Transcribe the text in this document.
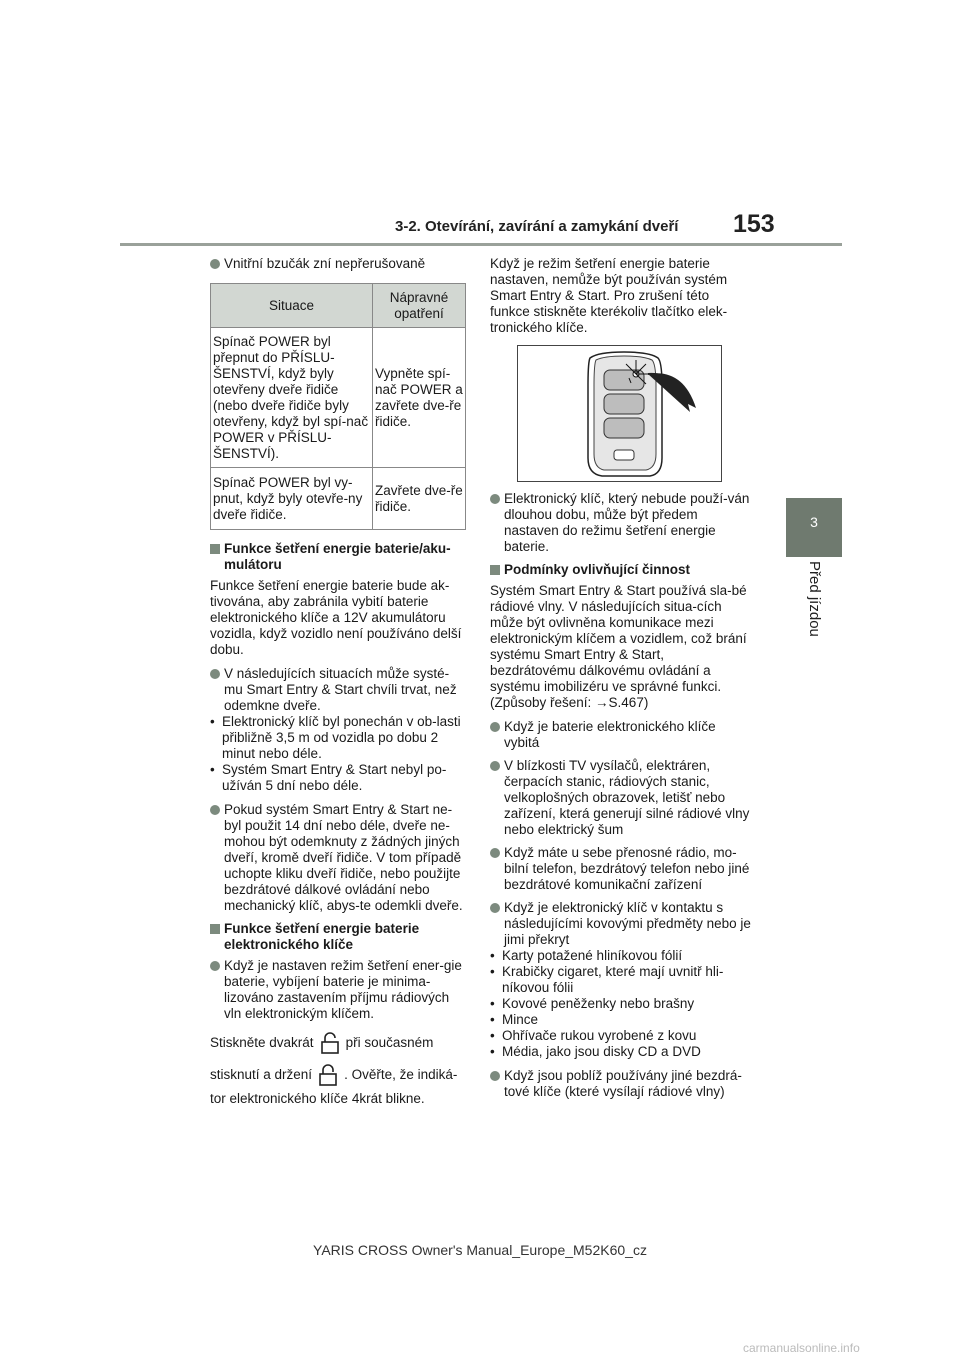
3-2. Otevírání, zavírání a zamykání dveří 153
3
Před jízdou
Vnitřní bzučák zní nepřerušovaně
Situace	Nápravné opatření
Spínač POWER byl přepnut do PŘÍSLU-ŠENSTVÍ, když byly otevřeny dveře řidiče (nebo dveře řidiče byly otevřeny, když byl spí-nač POWER v PŘÍSLU-ŠENSTVÍ).	Vypněte spí-nač POWER a zavřete dve-ře řidiče.
Spínač POWER byl vy-pnut, když byly otevře-ny dveře řidiče.	Zavřete dve-ře řidiče.
Funkce šetření energie baterie/aku-mulátoru
Funkce šetření energie baterie bude ak-tivována, aby zabránila vybití baterie elektronického klíče a 12V akumulátoru vozidla, když vozidlo není používáno delší dobu.
V následujících situacích může systé-mu Smart Entry & Start chvíli trvat, než odemkne dveře.
• Elektronický klíč byl ponechán v ob-lasti přibližně 3,5 m od vozidla po dobu 2 minut nebo déle.
• Systém Smart Entry & Start nebyl po-užíván 5 dní nebo déle.
Pokud systém Smart Entry & Start ne-byl použit 14 dní nebo déle, dveře ne-mohou být odemknuty z žádných jiných dveří, kromě dveří řidiče. V tom případě uchopte kliku dveří řidiče, nebo použijte bezdrátové dálkové ovládání nebo mechanický klíč, abys-te odemkli dveře.
Funkce šetření energie baterie elektronického klíče
Když je nastaven režim šetření ener-gie baterie, vybíjení baterie je minima-lizováno zastavením příjmu rádiových vln elektronickým klíčem.
Stiskněte dvakrát při současném
stisknutí a držení . Ověřte, že indiká-
tor elektronického klíče 4krát blikne.
Když je režim šetření energie baterie nastaven, nemůže být používán systém Smart Entry & Start. Pro zrušení této funkce stiskněte kterékoliv tlačítko elek-tronického klíče.
Elektronický klíč, který nebude použí-ván dlouhou dobu, může být předem nastaven do režimu šetření energie baterie.
Podmínky ovlivňující činnost
Systém Smart Entry & Start používá sla-bé rádiové vlny. V následujících situa-cích může být ovlivněna komunikace mezi elektronickým klíčem a vozidlem, což brání systému Smart Entry & Start, bezdrátovému dálkovému ovládání a systému imobilizéru ve správné funkci. (Způsoby řešení: →S.467)
Když je baterie elektronického klíče vybitá
V blízkosti TV vysílačů, elektráren, čerpacích stanic, rádiových stanic, velkoplošných obrazovek, letišť nebo zařízení, která generují silné rádiové vlny nebo elektrický šum
Když máte u sebe přenosné rádio, mo-bilní telefon, bezdrátový telefon nebo jiné bezdrátové komunikační zařízení
Když je elektronický klíč v kontaktu s následujícími kovovými předměty nebo je jimi překryt
• Karty potažené hliníkovou fólií
• Krabičky cigaret, které mají uvnitř hli-níkovou fólii
• Kovové peněženky nebo brašny
• Mince
• Ohřívače rukou vyrobené z kovu
• Média, jako jsou disky CD a DVD
Když jsou poblíž používány jiné bezdrá-tové klíče (které vysílají rádiové vlny)
YARIS CROSS Owner's Manual_Europe_M52K60_cz
carmanualsonline.info
